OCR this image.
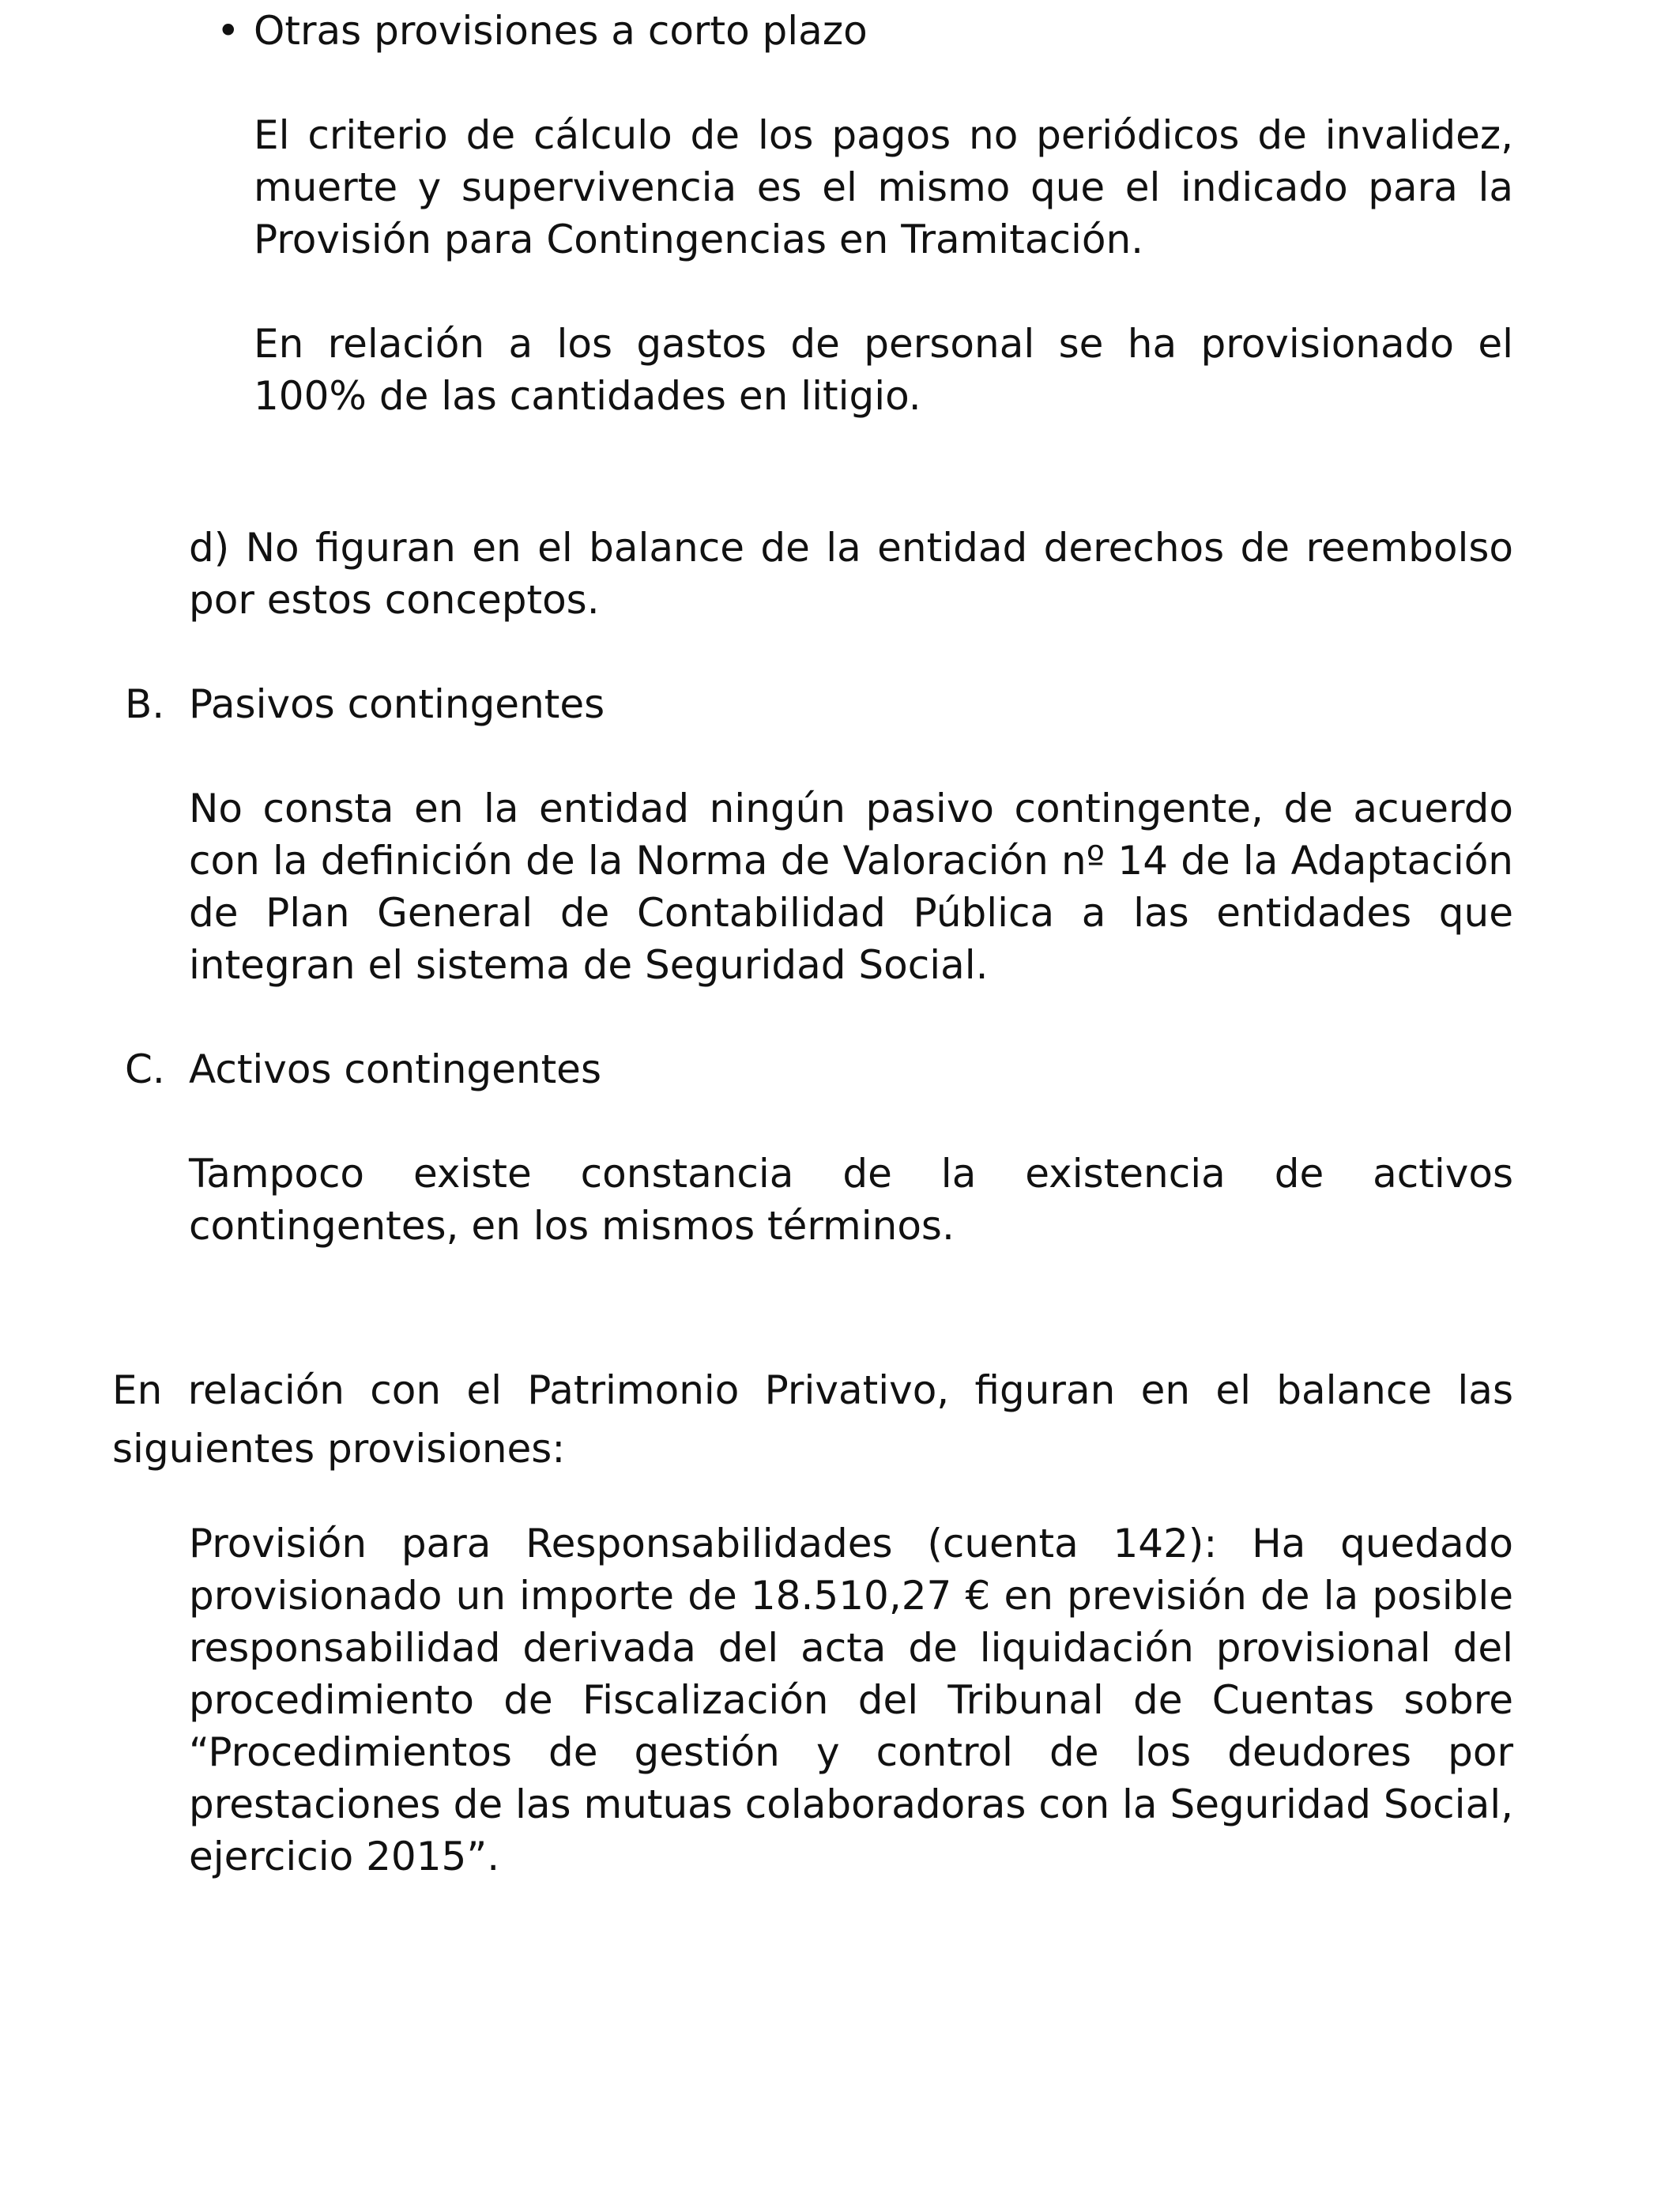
• Otras provisiones a corto plazo

El criterio de cálculo de los pagos no periódicos de invalidez, muerte y supervivencia es el mismo que el indicado para la Provisión para Contingencias en Tramitación.

En relación a los gastos de personal se ha provisionado el 100% de las cantidades en litigio.

d) No figuran en el balance de la entidad derechos de reembolso por estos conceptos.

B. Pasivos contingentes

No consta en la entidad ningún pasivo contingente, de acuerdo con la definición de la Norma de Valoración nº 14 de la Adaptación de Plan General de Contabilidad Pública a las entidades que integran el sistema de Seguridad Social.

C. Activos contingentes

Tampoco existe constancia de la existencia de activos contingentes, en los mismos términos.

En relación con el Patrimonio Privativo, figuran en el balance las siguientes provisiones:

Provisión para Responsabilidades (cuenta 142): Ha quedado provisionado un importe de 18.510,27 € en previsión de la posible responsabilidad derivada del acta de liquidación provisional del procedimiento de Fiscalización del Tribunal de Cuentas sobre “Procedimientos de gestión y control de los deudores por prestaciones de las mutuas colaboradoras con la Seguridad Social, ejercicio 2015”.
